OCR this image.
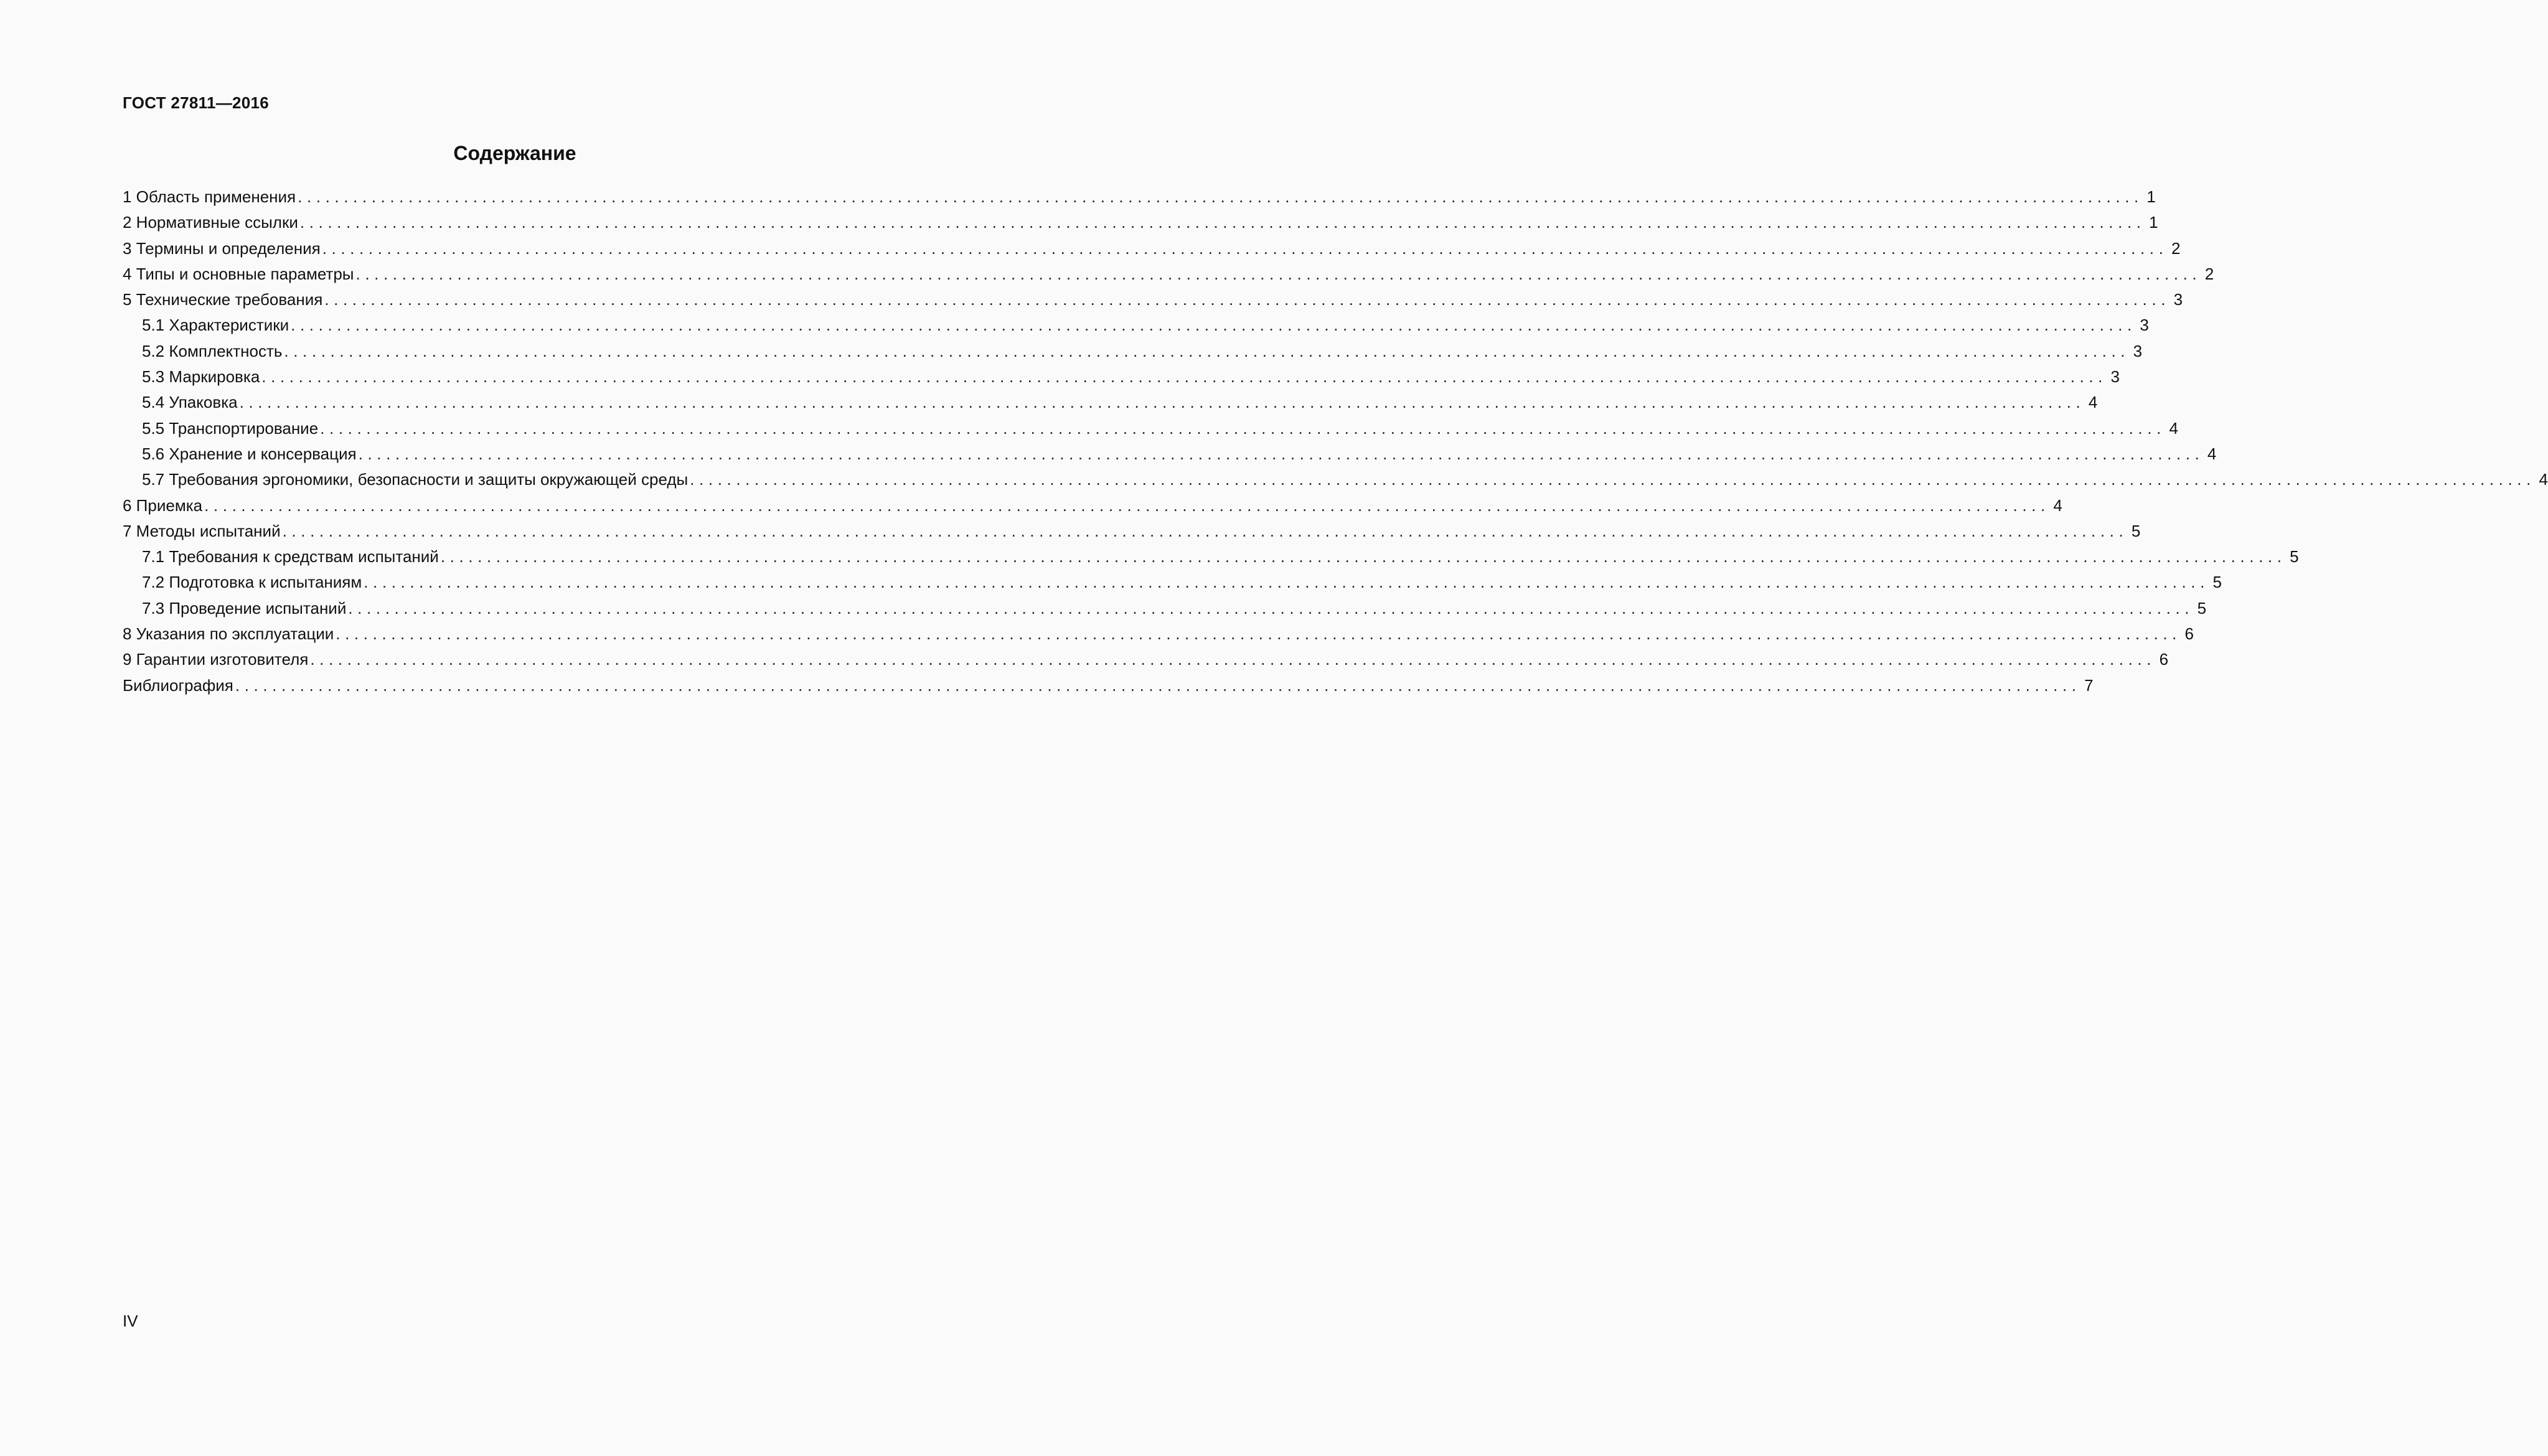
ГОСТ 27811—2016
Содержание
1 Область применения ........................................................................................................................................................................................................ 1
2 Нормативные ссылки ........................................................................................................................................................................................................ 1
3 Термины и определения ........................................................................................................................................................................................................ 2
4 Типы и основные параметры ........................................................................................................................................................................................................ 2
5 Технические требования ........................................................................................................................................................................................................ 3
5.1 Характеристики ........................................................................................................................................................................................................ 3
5.2 Комплектность ........................................................................................................................................................................................................ 3
5.3 Маркировка ........................................................................................................................................................................................................ 3
5.4 Упаковка ........................................................................................................................................................................................................ 4
5.5 Транспортирование ........................................................................................................................................................................................................ 4
5.6 Хранение и консервация ........................................................................................................................................................................................................ 4
5.7 Требования эргономики, безопасности и защиты окружающей среды ........................................................................................................................................................................................................ 4
6 Приемка ........................................................................................................................................................................................................ 4
7 Методы испытаний ........................................................................................................................................................................................................ 5
7.1 Требования к средствам испытаний ........................................................................................................................................................................................................ 5
7.2 Подготовка к испытаниям ........................................................................................................................................................................................................ 5
7.3 Проведение испытаний ........................................................................................................................................................................................................ 5
8 Указания по эксплуатации ........................................................................................................................................................................................................ 6
9 Гарантии изготовителя ........................................................................................................................................................................................................ 6
Библиография ........................................................................................................................................................................................................ 7
IV
